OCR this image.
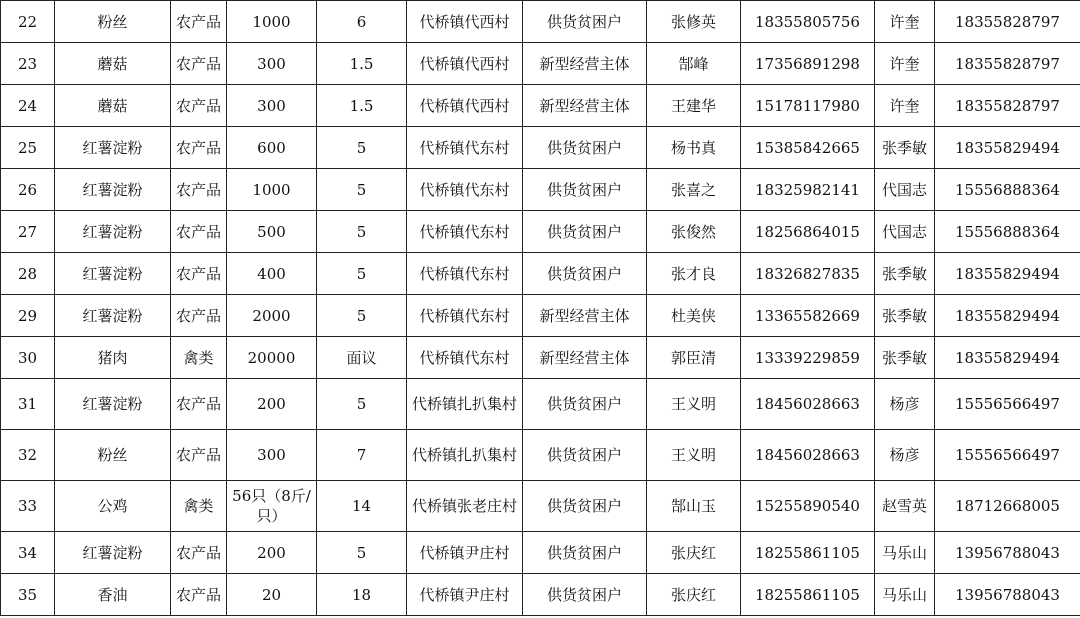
22	粉丝	农产品	1000	6	代桥镇代西村	供货贫困户	张修英	18355805756	许奎	18355828797
23	蘑菇	农产品	300	1.5	代桥镇代西村	新型经营主体	郜峰	17356891298	许奎	18355828797
24	蘑菇	农产品	300	1.5	代桥镇代西村	新型经营主体	王建华	15178117980	许奎	18355828797
25	红薯淀粉	农产品	600	5	代桥镇代东村	供货贫困户	杨书真	15385842665	张季敏	18355829494
26	红薯淀粉	农产品	1000	5	代桥镇代东村	供货贫困户	张喜之	18325982141	代国志	15556888364
27	红薯淀粉	农产品	500	5	代桥镇代东村	供货贫困户	张俊然	18256864015	代国志	15556888364
28	红薯淀粉	农产品	400	5	代桥镇代东村	供货贫困户	张才良	18326827835	张季敏	18355829494
29	红薯淀粉	农产品	2000	5	代桥镇代东村	新型经营主体	杜美侠	13365582669	张季敏	18355829494
30	猪肉	禽类	20000	面议	代桥镇代东村	新型经营主体	郭臣清	13339229859	张季敏	18355829494
31	红薯淀粉	农产品	200	5	代桥镇扎扒集村	供货贫困户	王义明	18456028663	杨彦	15556566497
32	粉丝	农产品	300	7	代桥镇扎扒集村	供货贫困户	王义明	18456028663	杨彦	15556566497
33	公鸡	禽类	56只（8斤/只）	14	代桥镇张老庄村	供货贫困户	郜山玉	15255890540	赵雪英	18712668005
34	红薯淀粉	农产品	200	5	代桥镇尹庄村	供货贫困户	张庆红	18255861105	马乐山	13956788043
35	香油	农产品	20	18	代桥镇尹庄村	供货贫困户	张庆红	18255861105	马乐山	13956788043
